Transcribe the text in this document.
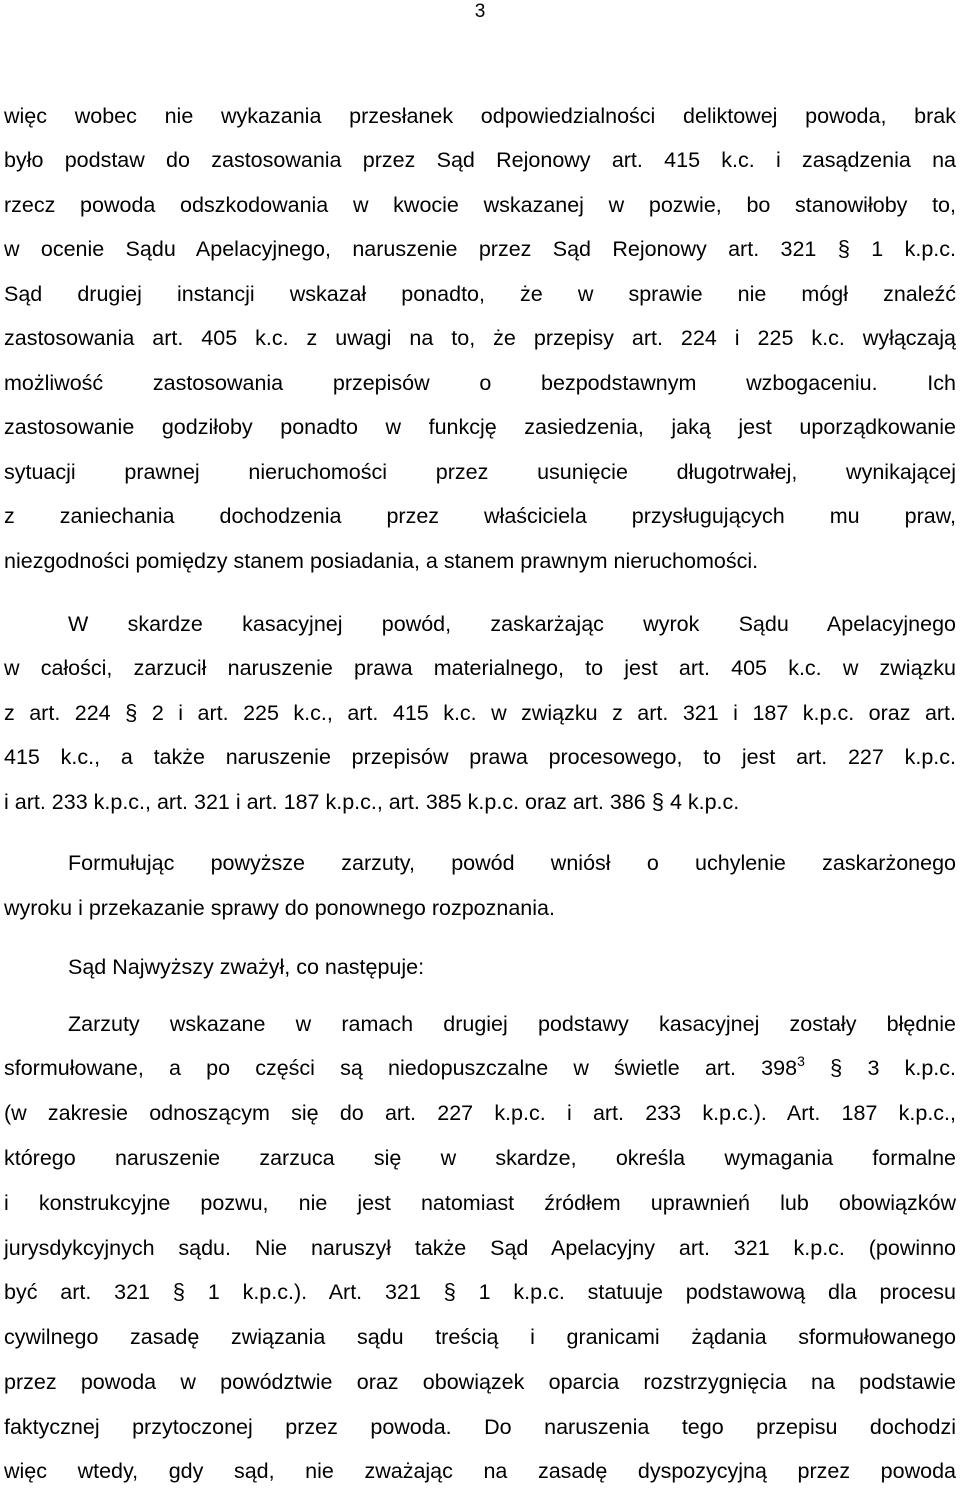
3
więc wobec nie wykazania przesłanek odpowiedzialności deliktowej powoda, brak
było podstaw do zastosowania przez Sąd Rejonowy art. 415 k.c. i zasądzenia na
rzecz powoda odszkodowania w kwocie wskazanej w pozwie, bo stanowiłoby to,
w ocenie Sądu Apelacyjnego, naruszenie przez Sąd Rejonowy art. 321 § 1 k.p.c.
Sąd drugiej instancji wskazał ponadto, że w sprawie nie mógł znaleźć
zastosowania art. 405 k.c. z uwagi na to, że przepisy art. 224 i 225 k.c. wyłączają
możliwość zastosowania przepisów o bezpodstawnym wzbogaceniu. Ich
zastosowanie godziłoby ponadto w funkcję zasiedzenia, jaką jest uporządkowanie
sytuacji prawnej nieruchomości przez usunięcie długotrwałej, wynikającej
z zaniechania dochodzenia przez właściciela przysługujących mu praw,
niezgodności pomiędzy stanem posiadania, a stanem prawnym nieruchomości.
W skardze kasacyjnej powód, zaskarżając wyrok Sądu Apelacyjnego
w całości, zarzucił naruszenie prawa materialnego, to jest art. 405 k.c. w związku
z art. 224 § 2 i art. 225 k.c., art. 415 k.c. w związku z art. 321 i 187 k.p.c. oraz art.
415 k.c., a także naruszenie przepisów prawa procesowego, to jest art. 227 k.p.c.
i art. 233 k.p.c., art. 321 i art. 187 k.p.c., art. 385 k.p.c. oraz art. 386 § 4 k.p.c.
Formułując powyższe zarzuty, powód wniósł o uchylenie zaskarżonego
wyroku i przekazanie sprawy do ponownego rozpoznania.
Sąd Najwyższy zważył, co następuje:
Zarzuty wskazane w ramach drugiej podstawy kasacyjnej zostały błędnie
sformułowane, a po części są niedopuszczalne w świetle art. $398^3$ § 3 k.p.c.
(w zakresie odnoszącym się do art. 227 k.p.c. i art. 233 k.p.c.). Art. 187 k.p.c.,
którego naruszenie zarzuca się w skardze, określa wymagania formalne
i konstrukcyjne pozwu, nie jest natomiast źródłem uprawnień lub obowiązków
jurysdykcyjnych sądu. Nie naruszył także Sąd Apelacyjny art. 321 k.p.c. (powinno
być art. 321 § 1 k.p.c.). Art. 321 § 1 k.p.c. statuuje podstawową dla procesu
cywilnego zasadę związania sądu treścią i granicami żądania sformułowanego
przez powoda w powództwie oraz obowiązek oparcia rozstrzygnięcia na podstawie
faktycznej przytoczonej przez powoda. Do naruszenia tego przepisu dochodzi
więc wtedy, gdy sąd, nie zważając na zasadę dyspozycyjną przez powoda
